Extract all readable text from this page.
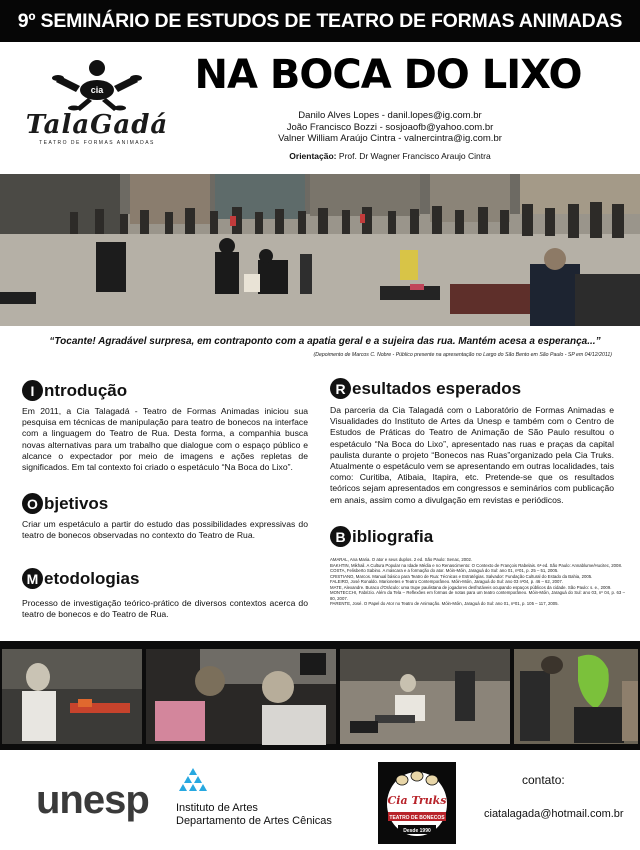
9º SEMINÁRIO DE ESTUDOS DE TEATRO DE FORMAS ANIMADAS
cia
TalaGadá
TEATRO DE FORMAS ANIMADAS
NA BOCA DO LIXO
Danilo Alves Lopes - danil.lopes@ig.com.br
João Francisco Bozzi - sosjoaofb@yahoo.com.br
Valner William Araújo Cintra - valnercintra@ig.com.br
Orientação: Prof. Dr Wagner Francisco Araujo Cintra
“Tocante! Agradável surpresa, em contraponto com a apatia geral e a sujeira das rua. Mantém acesa a esperança...”
(Depoimento de Marcos C. Nobre - Público presente na apresentação no Largo do São Bento em São Paulo - SP em 04/12/2011)
I ntrodução
Em 2011, a Cia Talagadá - Teatro de Formas Animadas iniciou sua pesquisa em técnicas de manipulação para teatro de bonecos na interface com a linguagem do Teatro de Rua. Desta forma, a companhia busca novas alternativas para um trabalho que dialogue com o espaço público e alcance o expectador por meio de imagens e ações repletas de significados. Em tal contexto foi criado o espetáculo “Na Boca do Lixo”.
O bjetivos
Criar um espetáculo a partir do estudo das possibilidades expressivas do teatro de bonecos observadas no contexto do Teatro de Rua.
M etodologias
Processo de investigação teórico-prático de diversos contextos acerca do teatro de bonecos e do Teatro de Rua.
R esultados esperados
Da parceria da Cia Talagadá com o Laboratório de Formas Animadas e Visualidades do Instituto de Artes da Unesp e também com o Centro de Estudos de Práticas do Teatro de Animação de São Paulo resultou o espetáculo “Na Boca do Lixo”, apresentado nas ruas e praças da capital paulista durante o projeto “Bonecos nas Ruas”organizado pela Cia Truks. Atualmente o espetáculo vem se apresentando em outras localidades, tais como: Curitiba, Atibaia, Itapira, etc. Pretende-se que os resultados teóricos sejam apresentados em congressos e seminários com publicação em anais, assim como a divulgação em revistas e periódicos.
B ibliografia
AMARAL, Ana Maria. O ator e seus duplos. 2 ed. São Paulo: Senac, 2002.
BAKHTIN, Mikhail. A Cultura Popular na Idade Média e no Renascimento: O Contexto de François Rabelais. 6ª ed. São Paulo: Annablume/Hucitec, 2008.
COSTA, Felisberto Sabino. A máscara e a formação do ator. Móin-Móin, Jaraguá do Sul: ano 01, nº01, p. 25 – 51, 2005.
CRISTIANO, Marcos. Manual básico para Teatro de Rua: Técnicas e Estratégias. Salvador: Fundação Cultural do Estado da Bahia, 2005.
FALEIRO, José Ronaldo. Marionetes e Teatro Contemporâneo. Móin-Móin, Jaraguá do Sul: ano 03 nº04, p. 46 – 62, 2007.
MATE, Alexandre. Buraco d'Oráculo: uma trupe paulistana de jogadores desfrutáveis ocupando espaços públicos da cidade. São Paulo: s. e., 2009.
MONTECCHI, Fabrizio. Além da Tela – Reflexões em formas de notas para um teatro contemporâneo. Móin-Móin, Jaraguá do Sul: ano 03, nº 04, p. 63 – 80, 2007.
PARENTE, José. O Papel do Ator no Teatro de Animação. Móin-Móin, Jaraguá do Sul: ano 01, nº01, p. 105 – 117, 2005.
unesp Instituto de Artes
Departamento de Artes Cênicas
Cia Truks
TEATRO DE BONECOS
Desde 1990
contato:
ciatalagada@hotmail.com.br
